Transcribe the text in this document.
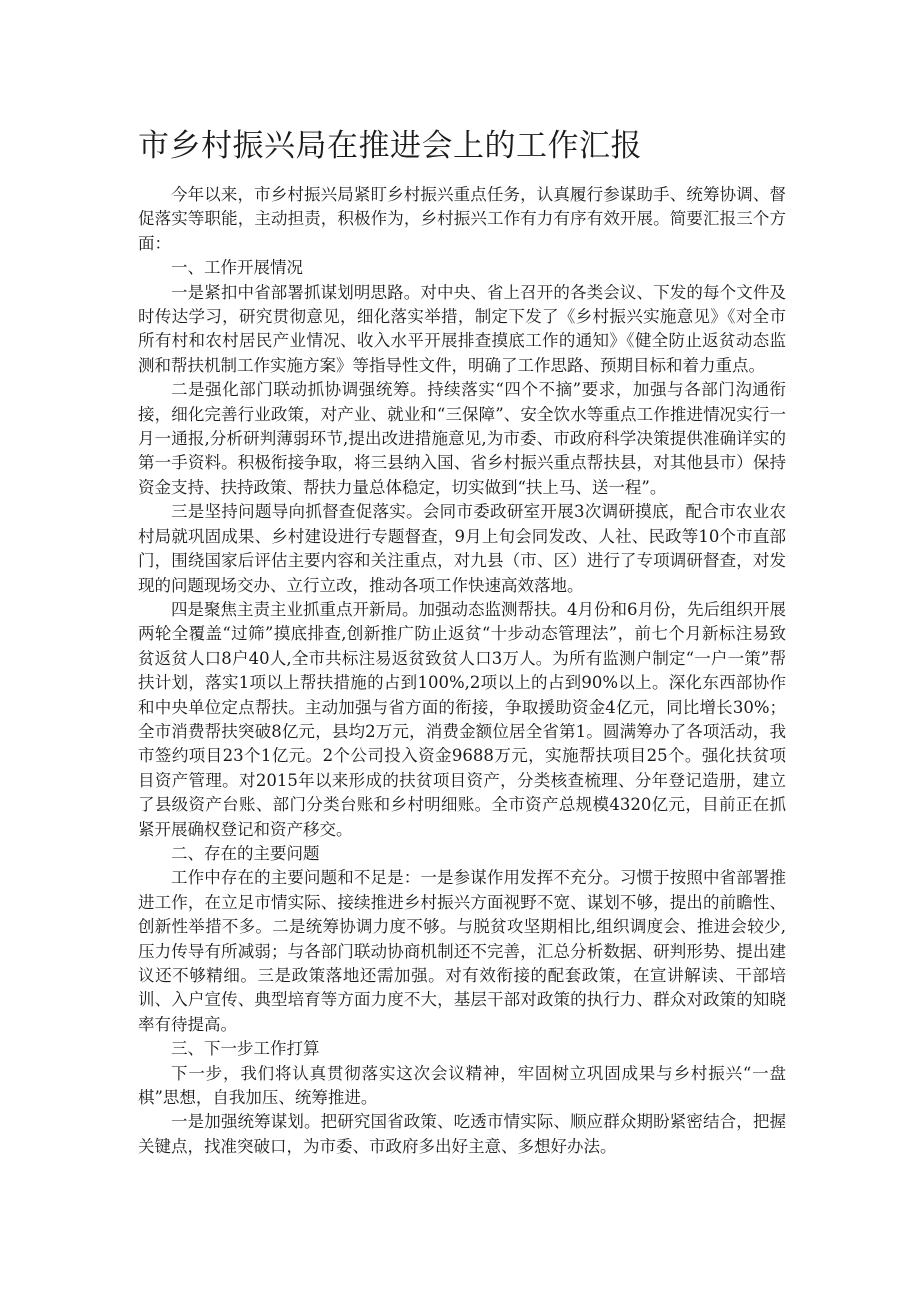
市乡村振兴局在推进会上的工作汇报

今年以来，市乡村振兴局紧盯乡村振兴重点任务，认真履行参谋助手、统筹协调、督促落实等职能，主动担责，积极作为，乡村振兴工作有力有序有效开展。简要汇报三个方面：

一、工作开展情况

一是紧扣中省部署抓谋划明思路。对中央、省上召开的各类会议、下发的每个文件及时传达学习，研究贯彻意见，细化落实举措，制定下发了《乡村振兴实施意见》《对全市所有村和农村居民产业情况、收入水平开展排查摸底工作的通知》《健全防止返贫动态监测和帮扶机制工作实施方案》等指导性文件，明确了工作思路、预期目标和着力重点。

二是强化部门联动抓协调强统筹。持续落实“四个不摘”要求，加强与各部门沟通衔接，细化完善行业政策，对产业、就业和“三保障”、安全饮水等重点工作推进情况实行一月一通报,分析研判薄弱环节,提出改进措施意见,为市委、市政府科学决策提供准确详实的第一手资料。积极衔接争取，将三县纳入国、省乡村振兴重点帮扶县，对其他县市）保持资金支持、扶持政策、帮扶力量总体稳定，切实做到“扶上马、送一程”。

三是坚持问题导向抓督查促落实。会同市委政研室开展3次调研摸底，配合市农业农村局就巩固成果、乡村建设进行专题督查，9月上旬会同发改、人社、民政等10个市直部门，围绕国家后评估主要内容和关注重点，对九县（市、区）进行了专项调研督查，对发现的问题现场交办、立行立改，推动各项工作快速高效落地。

四是聚焦主责主业抓重点开新局。加强动态监测帮扶。4月份和6月份，先后组织开展两轮全覆盖“过筛”摸底排查,创新推广防止返贫“十步动态管理法”，前七个月新标注易致贫返贫人口8户40人,全市共标注易返贫致贫人口3万人。为所有监测户制定“一户一策”帮扶计划，落实1项以上帮扶措施的占到100%,2项以上的占到90%以上。深化东西部协作和中央单位定点帮扶。主动加强与省方面的衔接，争取援助资金4亿元，同比增长30%；全市消费帮扶突破8亿元，县均2万元，消费金额位居全省第1。圆满筹办了各项活动，我市签约项目23个1亿元。2个公司投入资金9688万元，实施帮扶项目25个。强化扶贫项目资产管理。对2015年以来形成的扶贫项目资产，分类核查梳理、分年登记造册，建立了县级资产台账、部门分类台账和乡村明细账。全市资产总规模4320亿元，目前正在抓紧开展确权登记和资产移交。

二、存在的主要问题

工作中存在的主要问题和不足是：一是参谋作用发挥不充分。习惯于按照中省部署推进工作，在立足市情实际、接续推进乡村振兴方面视野不宽、谋划不够，提出的前瞻性、创新性举措不多。二是统筹协调力度不够。与脱贫攻坚期相比,组织调度会、推进会较少,压力传导有所减弱；与各部门联动协商机制还不完善，汇总分析数据、研判形势、提出建议还不够精细。三是政策落地还需加强。对有效衔接的配套政策，在宣讲解读、干部培训、入户宣传、典型培育等方面力度不大，基层干部对政策的执行力、群众对政策的知晓率有待提高。

三、下一步工作打算

下一步，我们将认真贯彻落实这次会议精神，牢固树立巩固成果与乡村振兴“一盘棋”思想，自我加压、统筹推进。

一是加强统筹谋划。把研究国省政策、吃透市情实际、顺应群众期盼紧密结合，把握关键点，找准突破口，为市委、市政府多出好主意、多想好办法。
